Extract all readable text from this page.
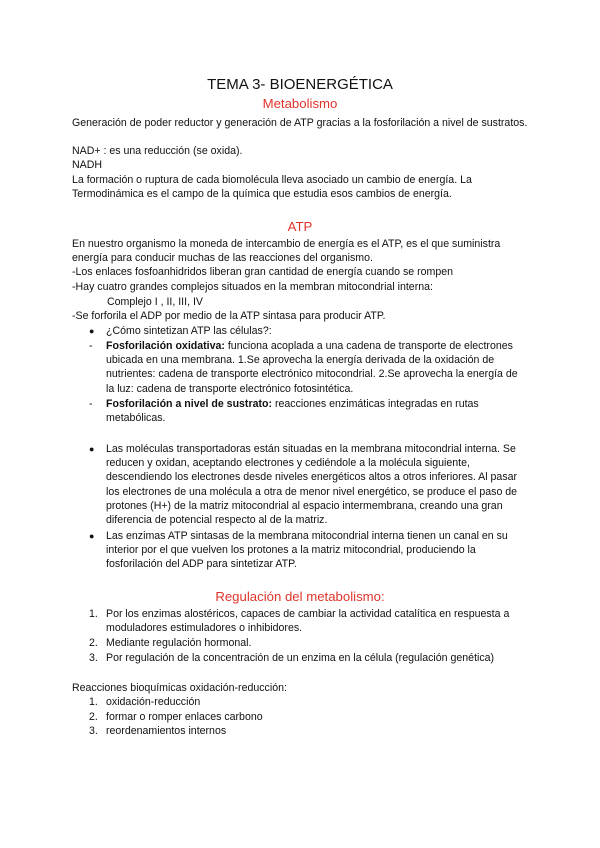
TEMA 3- BIOENERGÉTICA
Metabolismo
Generación de poder reductor y generación de ATP gracias a la fosforilación a nivel de sustratos.
NAD+ : es una reducción (se oxida).
NADH
La formación o ruptura de cada biomolécula lleva asociado un cambio de energía. La Termodinámica es el campo de la química que estudia esos cambios de energía.
ATP
En nuestro organismo la moneda de intercambio de energía es el ATP, es el que suministra energía para conducir muchas de las reacciones del organismo.
-Los enlaces fosfoanhidridos liberan gran cantidad de energía cuando se rompen
-Hay cuatro grandes complejos situados en la membran mitocondrial interna:
Complejo I , II, III, IV
-Se forforila el ADP por medio de la ATP sintasa para producir ATP.
●	¿Cómo sintetizan ATP las células?:
-	Fosforilación oxidativa: funciona acoplada a una cadena de transporte de electrones ubicada en una membrana. 1.Se aprovecha la energía derivada de la oxidación de nutrientes: cadena de transporte electrónico mitocondrial. 2.Se aprovecha la energía de la luz: cadena de transporte electrónico fotosintética.
-	Fosforilación a nivel de sustrato: reacciones enzimáticas integradas en rutas metabólicas.
●	Las moléculas transportadoras están situadas en la membrana mitocondrial interna. Se reducen y oxidan, aceptando electrones y cediéndole a la molécula siguiente, descendiendo los electrones desde niveles energéticos altos a otros inferiores. Al pasar los electrones de una molécula a otra de menor nivel energético, se produce el paso de protones (H+) de la matriz mitocondrial al espacio intermembrana, creando una gran diferencia de potencial respecto al de la matriz.
●	Las enzimas ATP sintasas de la membrana mitocondrial interna tienen un canal en su interior por el que vuelven los protones a la matriz mitocondrial, produciendo la fosforilación del ADP para sintetizar ATP.
Regulación del metabolismo:
1. Por los enzimas alostéricos, capaces de cambiar la actividad catalítica en respuesta a moduladores estimuladores o inhibidores.
2. Mediante regulación hormonal.
3. Por regulación de la concentración de un enzima en la célula (regulación genética)
Reacciones bioquímicas oxidación-reducción:
1. oxidación-reducción
2. formar o romper enlaces carbono
3. reordenamientos internos
